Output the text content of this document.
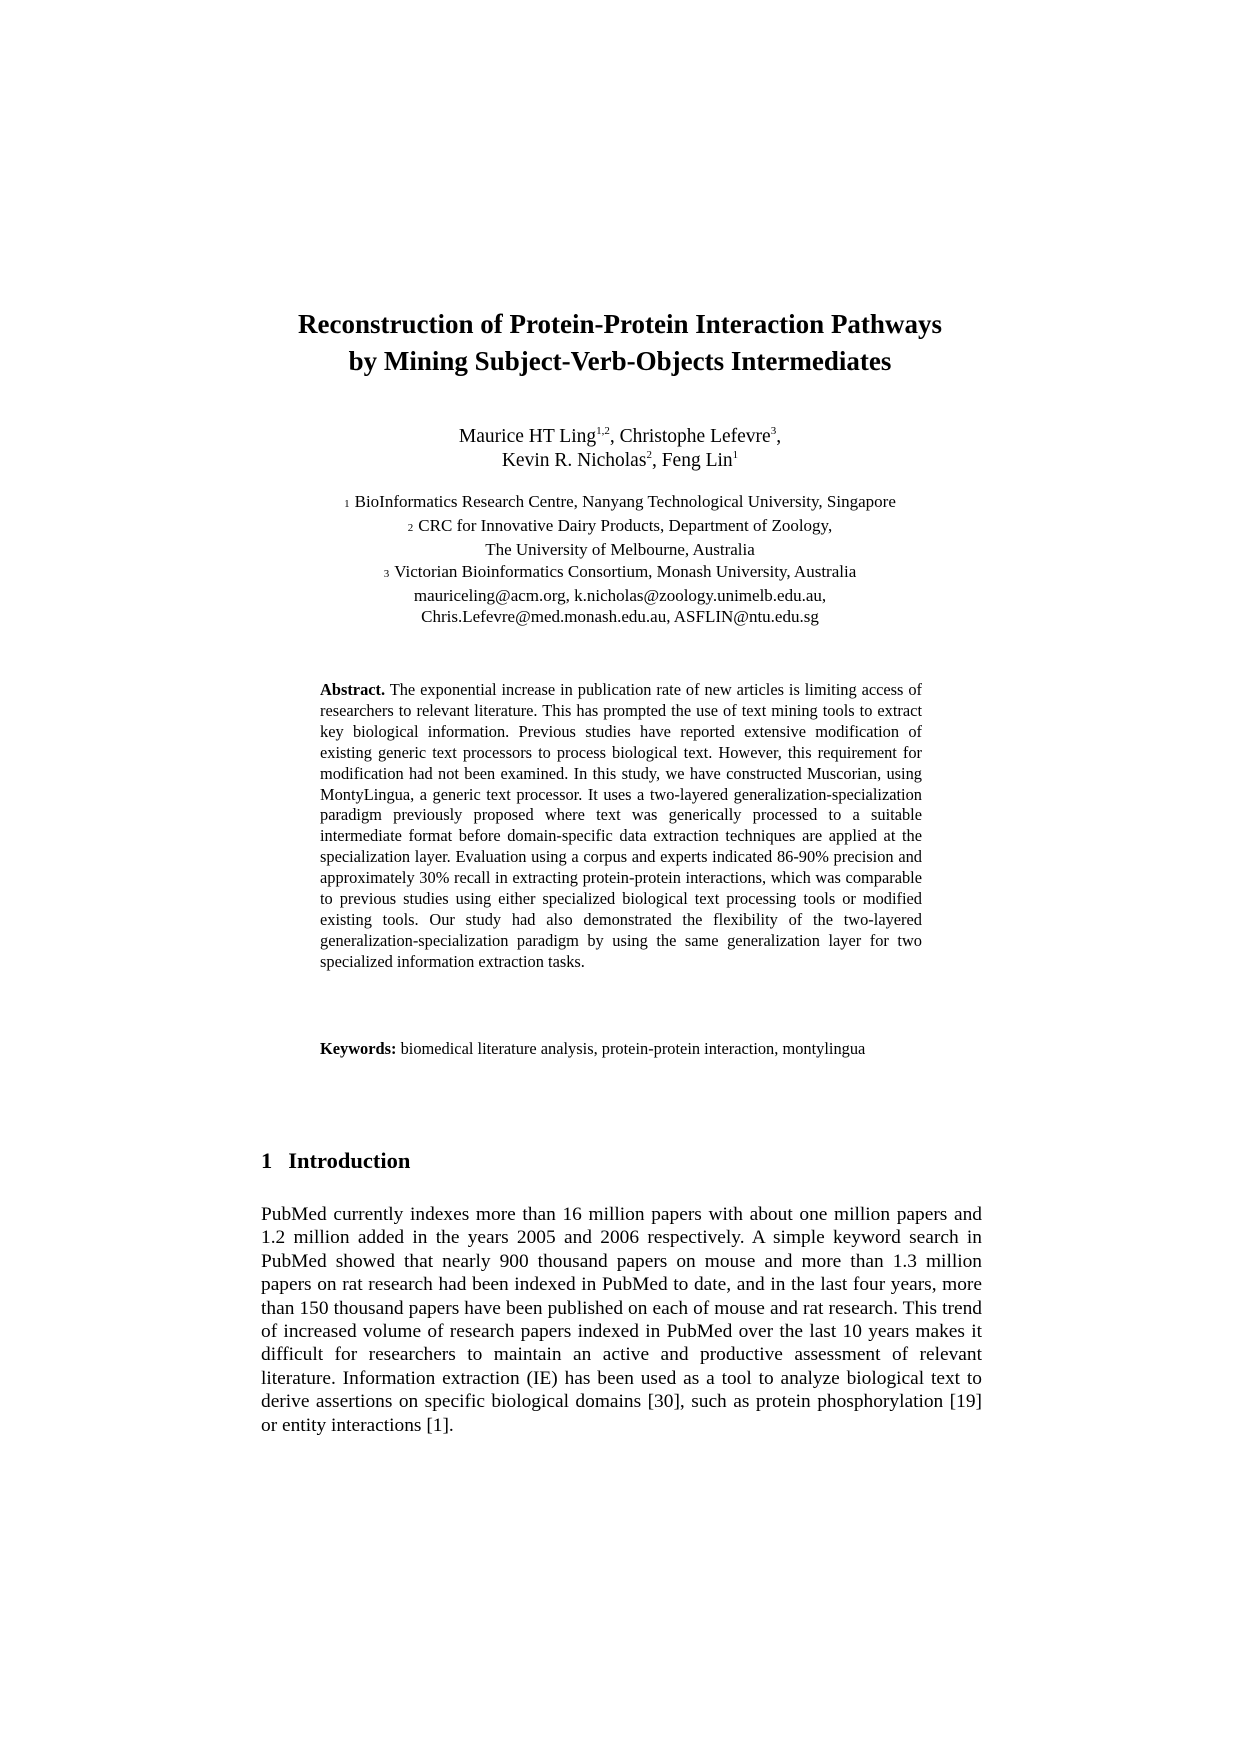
Reconstruction of Protein-Protein Interaction Pathways
by Mining Subject-Verb-Objects Intermediates
Maurice HT Ling$^{1,2}$, Christophe Lefevre$^3$,
Kevin R. Nicholas$^2$, Feng Lin$^1$
1 BioInformatics Research Centre, Nanyang Technological University, Singapore
2 CRC for Innovative Dairy Products, Department of Zoology,
The University of Melbourne, Australia
3 Victorian Bioinformatics Consortium, Monash University, Australia
mauriceling@acm.org, k.nicholas@zoology.unimelb.edu.au,
Chris.Lefevre@med.monash.edu.au, ASFLIN@ntu.edu.sg

Abstract. The exponential increase in publication rate of new articles is limiting access of researchers to relevant literature. This has prompted the use of text mining tools to extract key biological information. Previous studies have reported extensive modification of existing generic text processors to process biological text. However, this requirement for modification had not been examined. In this study, we have constructed Muscorian, using MontyLingua, a generic text processor. It uses a two-layered generalization-specialization paradigm previously proposed where text was generically processed to a suitable intermediate format before domain-specific data extraction techniques are applied at the specialization layer. Evaluation using a corpus and experts indicated 86-90% precision and approximately 30% recall in extracting protein-protein interactions, which was comparable to previous studies using either specialized biological text processing tools or modified existing tools. Our study had also demonstrated the flexibility of the two-layered generalization-specialization paradigm by using the same generalization layer for two specialized information extraction tasks.

Keywords: biomedical literature analysis, protein-protein interaction, montylingua

1 Introduction

PubMed currently indexes more than 16 million papers with about one million papers and 1.2 million added in the years 2005 and 2006 respectively. A simple keyword search in PubMed showed that nearly 900 thousand papers on mouse and more than 1.3 million papers on rat research had been indexed in PubMed to date, and in the last four years, more than 150 thousand papers have been published on each of mouse and rat research. This trend of increased volume of research papers indexed in PubMed over the last 10 years makes it difficult for researchers to maintain an active and productive assessment of relevant literature. Information extraction (IE) has been used as a tool to analyze biological text to derive assertions on specific biological domains [30], such as protein phosphorylation [19] or entity interactions [1].
